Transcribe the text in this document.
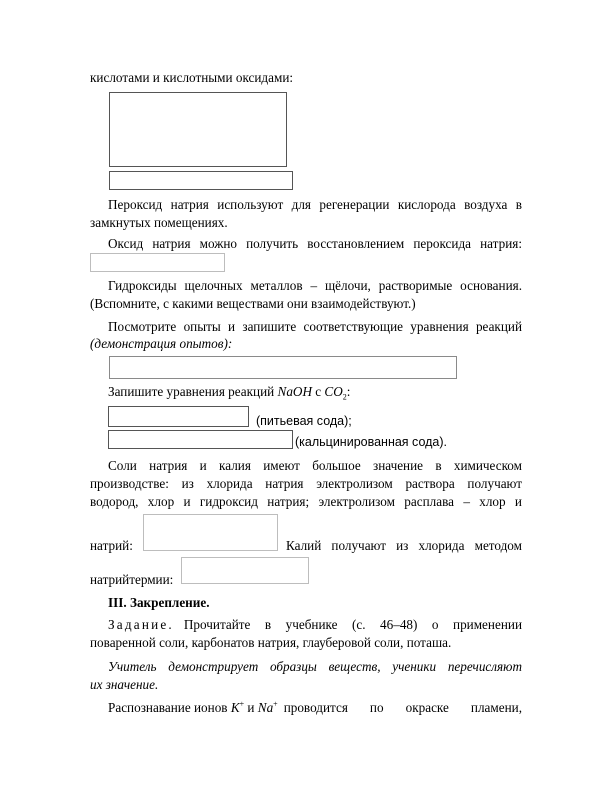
кислотами и кислотными оксидами:
Пероксид натрия используют для регенерации кислорода воздуха в
замкнутых помещениях.
Оксид натрия можно получить восстановлением пероксида натрия:
Гидроксиды щелочных металлов – щёлочи, растворимые основания.
(Вспомните, с какими веществами они взаимодействуют.)
Посмотрите опыты и запишите соответствующие уравнения реакций
(демонстрация опытов):
Запишите уравнения реакций NaOH с $CO_2$:
(питьевая сода);
(кальцинированная сода).
Соли натрия и калия имеют большое значение в химическом
производстве: из хлорида натрия электролизом раствора получают
водород, хлор и гидроксид натрия; электролизом расплава – хлор и
натрий:	Калий получают из хлорида методом
натрийтермии:
III. Закрепление.
Задание. Прочитайте в учебнике (с. 46–48) о применении
поваренной соли, карбонатов натрия, глауберовой соли, поташа.
Учитель демонстрирует образцы веществ, ученики перечисляют
их значение.
Распознавание ионов K+ и Na+ проводится по окраске пламени,
